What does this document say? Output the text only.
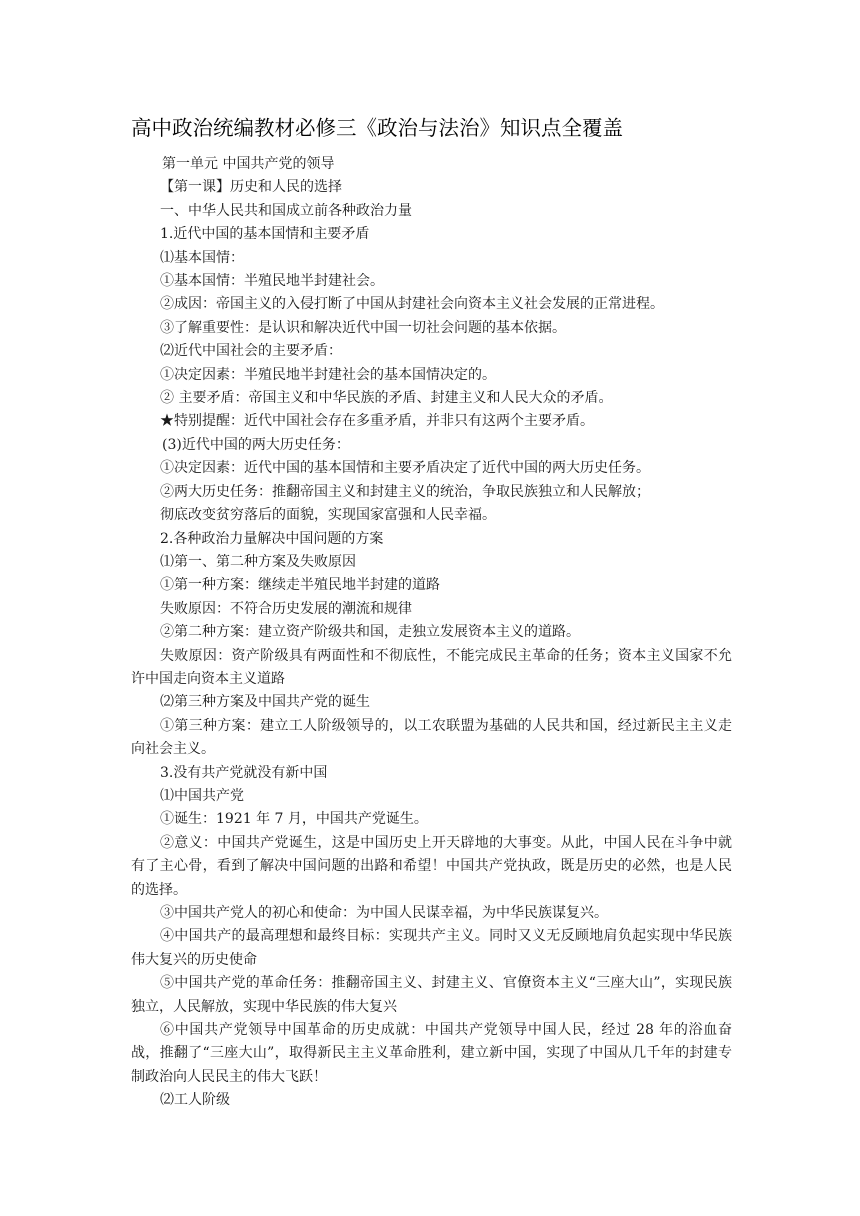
高中政治统编教材必修三《政治与法治》知识点全覆盖

第一单元 中国共产党的领导

【第一课】历史和人民的选择

一、中华人民共和国成立前各种政治力量

1.近代中国的基本国情和主要矛盾

⑴基本国情：

①基本国情：半殖民地半封建社会。

②成因：帝国主义的入侵打断了中国从封建社会向资本主义社会发展的正常进程。

③了解重要性：是认识和解决近代中国一切社会问题的基本依据。

⑵近代中国社会的主要矛盾：

①决定因素：半殖民地半封建社会的基本国情决定的。

② 主要矛盾：帝国主义和中华民族的矛盾、封建主义和人民大众的矛盾。

★特别提醒：近代中国社会存在多重矛盾，并非只有这两个主要矛盾。

(3)近代中国的两大历史任务：

①决定因素：近代中国的基本国情和主要矛盾决定了近代中国的两大历史任务。

②两大历史任务：推翻帝国主义和封建主义的统治，争取民族独立和人民解放；

彻底改变贫穷落后的面貌，实现国家富强和人民幸福。

2.各种政治力量解决中国问题的方案

⑴第一、第二种方案及失败原因

①第一种方案：继续走半殖民地半封建的道路

失败原因：不符合历史发展的潮流和规律

②第二种方案：建立资产阶级共和国，走独立发展资本主义的道路。

失败原因：资产阶级具有两面性和不彻底性，不能完成民主革命的任务；资本主义国家不允许中国走向资本主义道路

⑵第三种方案及中国共产党的诞生

①第三种方案：建立工人阶级领导的，以工农联盟为基础的人民共和国，经过新民主主义走向社会主义。

3.没有共产党就没有新中国

⑴中国共产党

①诞生：1921 年 7 月，中国共产党诞生。

②意义：中国共产党诞生，这是中国历史上开天辟地的大事变。从此，中国人民在斗争中就有了主心骨，看到了解决中国问题的出路和希望！中国共产党执政，既是历史的必然，也是人民的选择。

③中国共产党人的初心和使命：为中国人民谋幸福，为中华民族谋复兴。

④中国共产的最高理想和最终目标：实现共产主义。同时又义无反顾地肩负起实现中华民族伟大复兴的历史使命

⑤中国共产党的革命任务：推翻帝国主义、封建主义、官僚资本主义“三座大山”，实现民族独立，人民解放，实现中华民族的伟大复兴

⑥中国共产党领导中国革命的历史成就：中国共产党领导中国人民，经过 28 年的浴血奋战，推翻了“三座大山”，取得新民主主义革命胜利，建立新中国，实现了中国从几千年的封建专制政治向人民民主的伟大飞跃！

⑵工人阶级
